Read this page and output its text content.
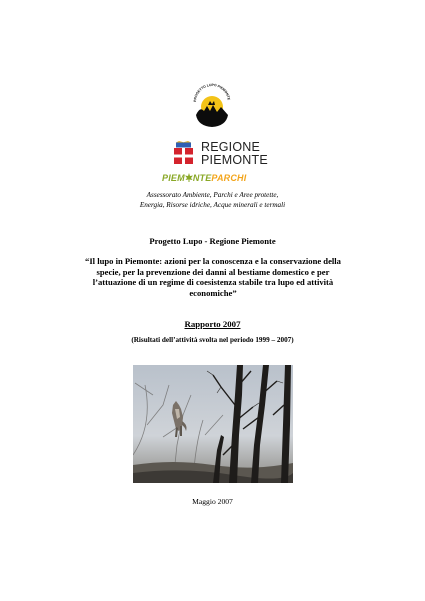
PROGETTO LUPO PIEMONTE
REGIONE
PIEMONTE
PIEM NTEPARCHI
Assessorato Ambiente, Parchi e Aree protette,
Energia, Risorse idriche, Acque minerali e termali
Progetto Lupo - Regione Piemonte
“Il lupo in Piemonte: azioni per la conoscenza e la conservazione della
specie, per la prevenzione dei danni al bestiame domestico e per
l’attuazione di un regime di coesistenza stabile tra lupo ed attività
economiche”
Rapporto 2007
(Risultati dell’attività svolta nel periodo 1999 – 2007)
Maggio 2007
